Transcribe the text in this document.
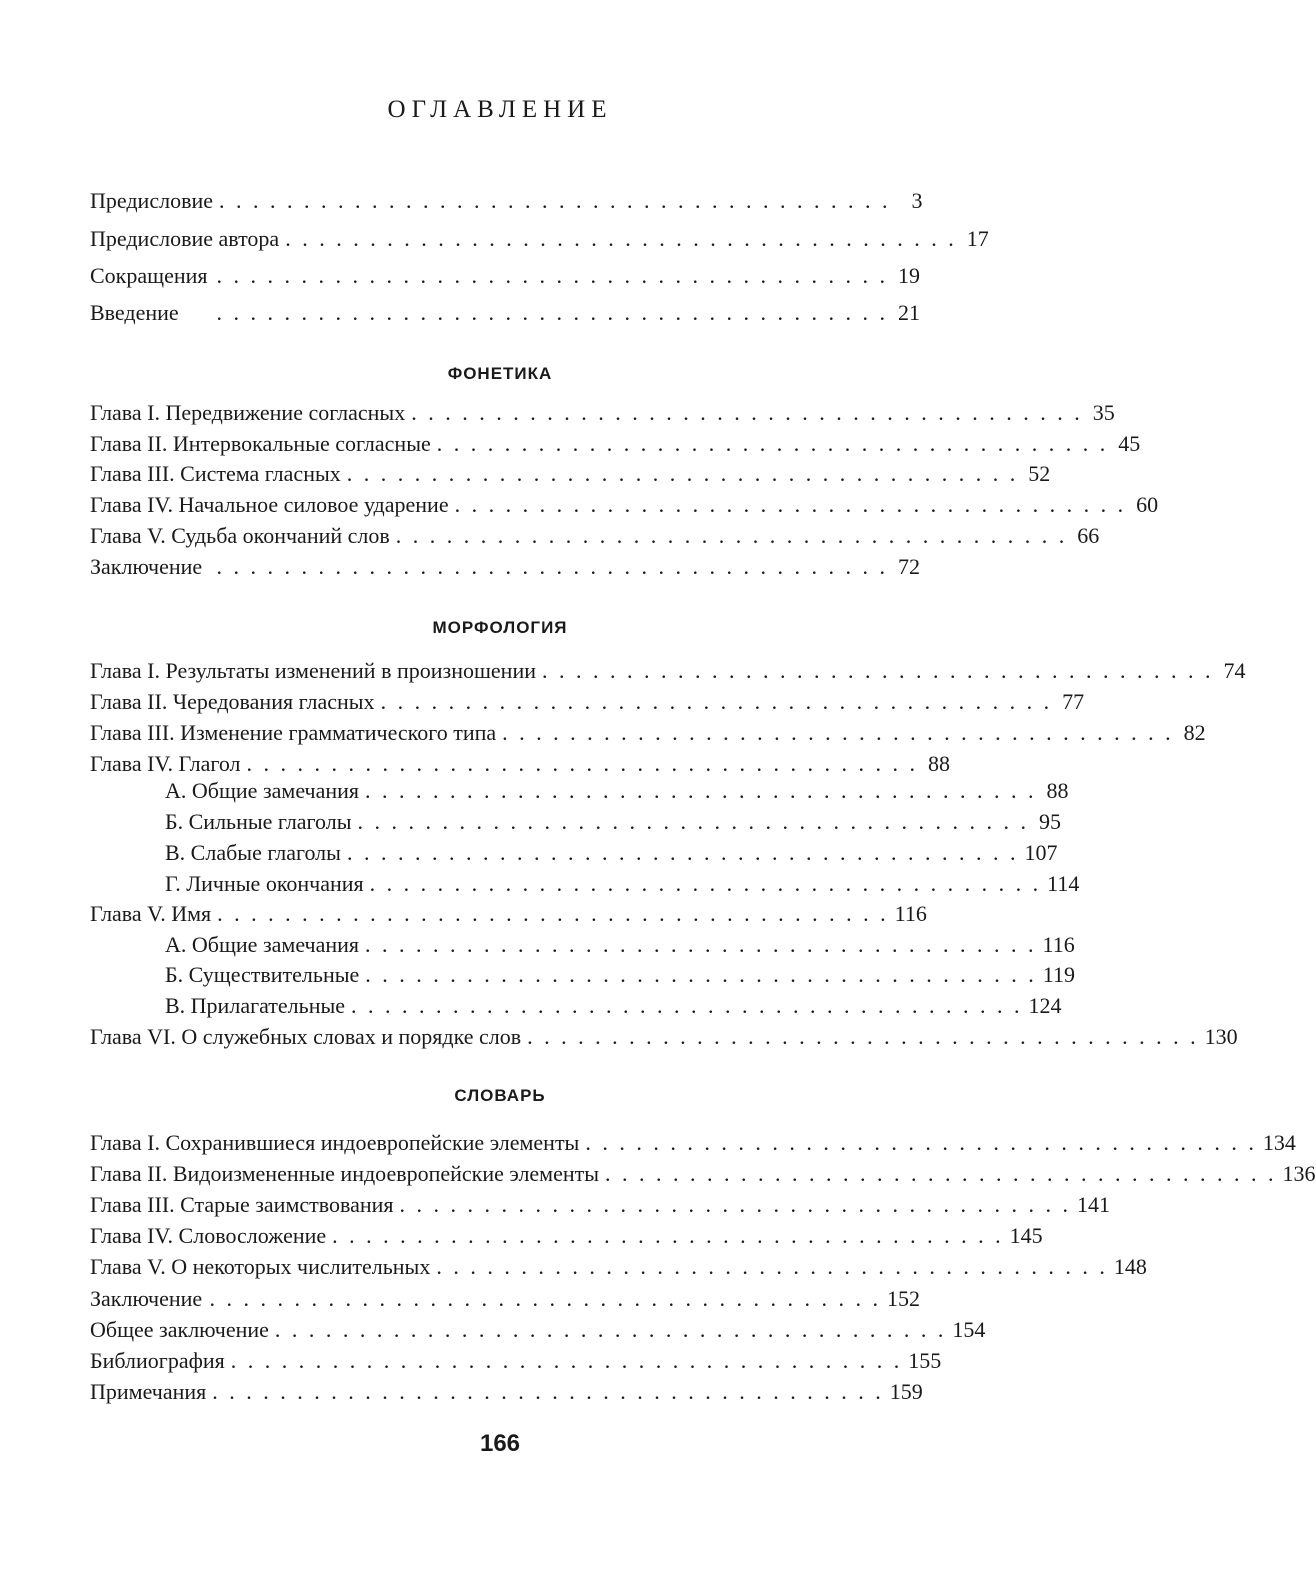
ОГЛАВЛЕНИЕ
Предисловие . . . . . . . . . . . . . . . . . . . . . . . . . . . . . . . . . . . . . . . . 3
Предисловие автора . . . . . . . . . . . . . . . . . . . . . . . . . . . . . . . . . . . . . . . . 17
Сокращения . . . . . . . . . . . . . . . . . . . . . . . . . . . . . . . . . . . . . . . . 19
Введение	. . . . . . . . . . . . . . . . . . . . . . . . . . . . . . . . . . . . . . . . 21
ФОНЕТИКА
Глава I. Передвижение согласных . . . . . . . . . . . . . . . . . . . . . . . . . . . . . . . . . . . . . . . . 35
Глава II. Интервокальные согласные . . . . . . . . . . . . . . . . . . . . . . . . . . . . . . . . . . . . . . . . 45
Глава III. Система гласных . . . . . . . . . . . . . . . . . . . . . . . . . . . . . . . . . . . . . . . . 52
Глава IV. Начальное силовое ударение . . . . . . . . . . . . . . . . . . . . . . . . . . . . . . . . . . . . . . . . 60
Глава V. Судьба окончаний слов . . . . . . . . . . . . . . . . . . . . . . . . . . . . . . . . . . . . . . . . 66
Заключение . . . . . . . . . . . . . . . . . . . . . . . . . . . . . . . . . . . . . . . . 72
МОРФОЛОГИЯ
Глава I. Результаты изменений в произношении . . . . . . . . . . . . . . . . . . . . . . . . . . . . . . . . . . . . . . . . 74
Глава II. Чередования гласных . . . . . . . . . . . . . . . . . . . . . . . . . . . . . . . . . . . . . . . . 77
Глава III. Изменение грамматического типа . . . . . . . . . . . . . . . . . . . . . . . . . . . . . . . . . . . . . . . . 82
Глава IV. Глагол . . . . . . . . . . . . . . . . . . . . . . . . . . . . . . . . . . . . . . . . 88
А. Общие замечания . . . . . . . . . . . . . . . . . . . . . . . . . . . . . . . . . . . . . . . . 88
Б. Сильные глаголы . . . . . . . . . . . . . . . . . . . . . . . . . . . . . . . . . . . . . . . . 95
В. Слабые глаголы . . . . . . . . . . . . . . . . . . . . . . . . . . . . . . . . . . . . . . . . 107
Г. Личные окончания . . . . . . . . . . . . . . . . . . . . . . . . . . . . . . . . . . . . . . . . 114
Глава V. Имя . . . . . . . . . . . . . . . . . . . . . . . . . . . . . . . . . . . . . . . . 116
А. Общие замечания . . . . . . . . . . . . . . . . . . . . . . . . . . . . . . . . . . . . . . . . 116
Б. Существительные . . . . . . . . . . . . . . . . . . . . . . . . . . . . . . . . . . . . . . . . 119
В. Прилагательные . . . . . . . . . . . . . . . . . . . . . . . . . . . . . . . . . . . . . . . . 124
Глава VI. О служебных словах и порядке слов . . . . . . . . . . . . . . . . . . . . . . . . . . . . . . . . . . . . . . . . 130
СЛОВАРЬ
Глава I. Сохранившиеся индоевропейские элементы . . . . . . . . . . . . . . . . . . . . . . . . . . . . . . . . . . . . . . . . 134
Глава II. Видоизмененные индоевропейские элементы . . . . . . . . . . . . . . . . . . . . . . . . . . . . . . . . . . . . . . . . 136
Глава III. Старые заимствования . . . . . . . . . . . . . . . . . . . . . . . . . . . . . . . . . . . . . . . . 141
Глава IV. Словосложение . . . . . . . . . . . . . . . . . . . . . . . . . . . . . . . . . . . . . . . . 145
Глава V. О некоторых числительных . . . . . . . . . . . . . . . . . . . . . . . . . . . . . . . . . . . . . . . . 148
Заключение . . . . . . . . . . . . . . . . . . . . . . . . . . . . . . . . . . . . . . . . 152
Общее заключение . . . . . . . . . . . . . . . . . . . . . . . . . . . . . . . . . . . . . . . . 154
Библиография . . . . . . . . . . . . . . . . . . . . . . . . . . . . . . . . . . . . . . . . 155
Примечания . . . . . . . . . . . . . . . . . . . . . . . . . . . . . . . . . . . . . . . . 159
166
